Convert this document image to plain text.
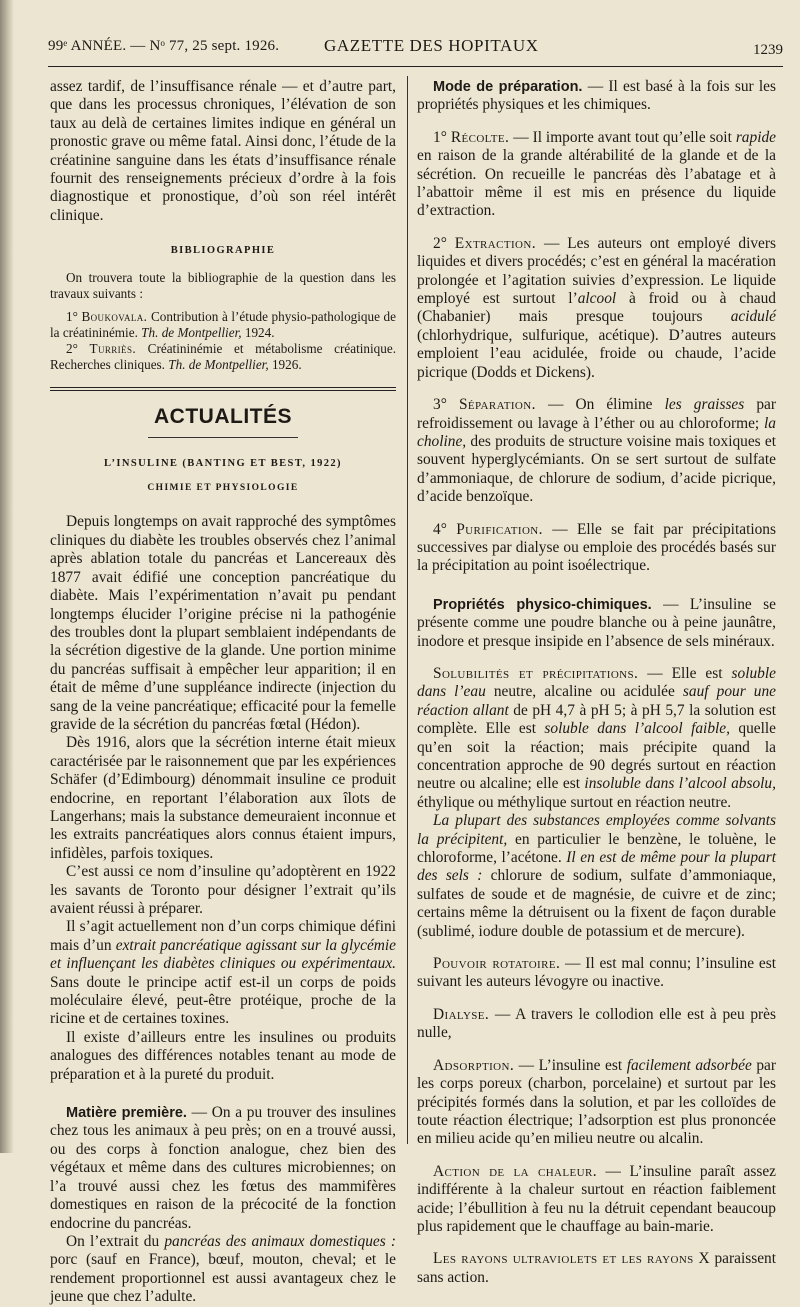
99ᵉ ANNÉE. — Nᵒ 77, 25 sept. 1926.	GAZETTE DES HOPITAUX	1239

assez tardif, de l’insuffisance rénale — et d’autre part, que dans les processus chroniques, l’élévation de son taux au delà de certaines limites indique en général un pronostic grave ou même fatal. Ainsi donc, l’étude de la créatinine sanguine dans les états d’insuffisance rénale fournit des renseignements précieux d’ordre à la fois diagnostique et pronostique, d’où son réel intérêt clinique.

BIBLIOGRAPHIE

On trouvera toute la bibliographie de la question dans les travaux suivants :

1° Boukovala. Contribution à l’étude physio-pathologique de la créatininémie. Th. de Montpellier, 1924.

2° Turriès. Créatininémie et métabolisme créatinique. Recherches cliniques. Th. de Montpellier, 1926.

ACTUALITÉS
L’INSULINE (BANTING ET BEST, 1922)
CHIMIE ET PHYSIOLOGIE

Depuis longtemps on avait rapproché des symptômes cliniques du diabète les troubles observés chez l’animal après ablation totale du pancréas et Lancereaux dès 1877 avait édifié une conception pancréatique du diabète. Mais l’expérimentation n’avait pu pendant longtemps élucider l’origine précise ni la pathogénie des troubles dont la plupart semblaient indépendants de la sécrétion digestive de la glande. Une portion minime du pancréas suffisait à empêcher leur apparition; il en était de même d’une suppléance indirecte (injection du sang de la veine pancréatique; efficacité pour la femelle gravide de la sécrétion du pancréas fœtal (Hédon).

Dès 1916, alors que la sécrétion interne était mieux caractérisée par le raisonnement que par les expériences Schäfer (d’Edimbourg) dénommait insuline ce produit endocrine, en reportant l’élaboration aux îlots de Langerhans; mais la substance demeuraient inconnue et les extraits pancréatiques alors connus étaient impurs, infidèles, parfois toxiques.

C’est aussi ce nom d’insuline qu’adoptèrent en 1922 les savants de Toronto pour désigner l’extrait qu’ils avaient réussi à préparer.

Il s’agit actuellement non d’un corps chimique défini mais d’un extrait pancréatique agissant sur la glycémie et influençant les diabètes cliniques ou expérimentaux. Sans doute le principe actif est-il un corps de poids moléculaire élevé, peut-être protéique, proche de la ricine et de certaines toxines.

Il existe d’ailleurs entre les insulines ou produits analogues des différences notables tenant au mode de préparation et à la pureté du produit.

Matière première. — On a pu trouver des insulines chez tous les animaux à peu près; on en a trouvé aussi, ou des corps à fonction analogue, chez bien des végétaux et même dans des cultures microbiennes; on l’a trouvé aussi chez les fœtus des mammifères domestiques en raison de la précocité de la fonction endocrine du pancréas.

On l’extrait du pancréas des animaux domestiques : porc (sauf en France), bœuf, mouton, cheval; et le rendement proportionnel est aussi avantageux chez le jeune que chez l’adulte.

Mode de préparation. — Il est basé à la fois sur les propriétés physiques et les chimiques.

1° Récolte. — Il importe avant tout qu’elle soit rapide en raison de la grande altérabilité de la glande et de la sécrétion. On recueille le pancréas dès l’abatage et à l’abattoir même il est mis en présence du liquide d’extraction.

2° Extraction. — Les auteurs ont employé divers liquides et divers procédés; c’est en général la macération prolongée et l’agitation suivies d’expression. Le liquide employé est surtout l’alcool à froid ou à chaud (Chabanier) mais presque toujours acidulé (chlorhydrique, sulfurique, acétique). D’autres auteurs emploient l’eau acidulée, froide ou chaude, l’acide picrique (Dodds et Dickens).

3° Séparation. — On élimine les graisses par refroidissement ou lavage à l’éther ou au chloroforme; la choline, des produits de structure voisine mais toxiques et souvent hyperglycémiants. On se sert surtout de sulfate d’ammoniaque, de chlorure de sodium, d’acide picrique, d’acide benzoïque.

4° Purification. — Elle se fait par précipitations successives par dialyse ou emploie des procédés basés sur la précipitation au point isoélectrique.

Propriétés physico-chimiques. — L’insuline se présente comme une poudre blanche ou à peine jaunâtre, inodore et presque insipide en l’absence de sels minéraux.

Solubilités et précipitations. — Elle est soluble dans l’eau neutre, alcaline ou acidulée sauf pour une réaction allant de pH 4,7 à pH 5; à pH 5,7 la solution est complète. Elle est soluble dans l’alcool faible, quelle qu’en soit la réaction; mais précipite quand la concentration approche de 90 degrés surtout en réaction neutre ou alcaline; elle est insoluble dans l’alcool absolu, éthylique ou méthylique surtout en réaction neutre.

La plupart des substances employées comme solvants la précipitent, en particulier le benzène, le toluène, le chloroforme, l’acétone. Il en est de même pour la plupart des sels : chlorure de sodium, sulfate d’ammoniaque, sulfates de soude et de magnésie, de cuivre et de zinc; certains même la détruisent ou la fixent de façon durable (sublimé, iodure double de potassium et de mercure).

Pouvoir rotatoire. — Il est mal connu; l’insuline est suivant les auteurs lévogyre ou inactive.

Dialyse. — A travers le collodion elle est à peu près nulle,

Adsorption. — L’insuline est facilement adsorbée par les corps poreux (charbon, porcelaine) et surtout par les précipités formés dans la solution, et par les colloïdes de toute réaction électrique; l’adsorption est plus prononcée en milieu acide qu’en milieu neutre ou alcalin.

Action de la chaleur. — L’insuline paraît assez indifférente à la chaleur surtout en réaction faiblement acide; l’ébullition à feu nu la détruit cependant beaucoup plus rapidement que le chauffage au bain-marie.

Les rayons ultraviolets et les rayons X paraissent sans action.
